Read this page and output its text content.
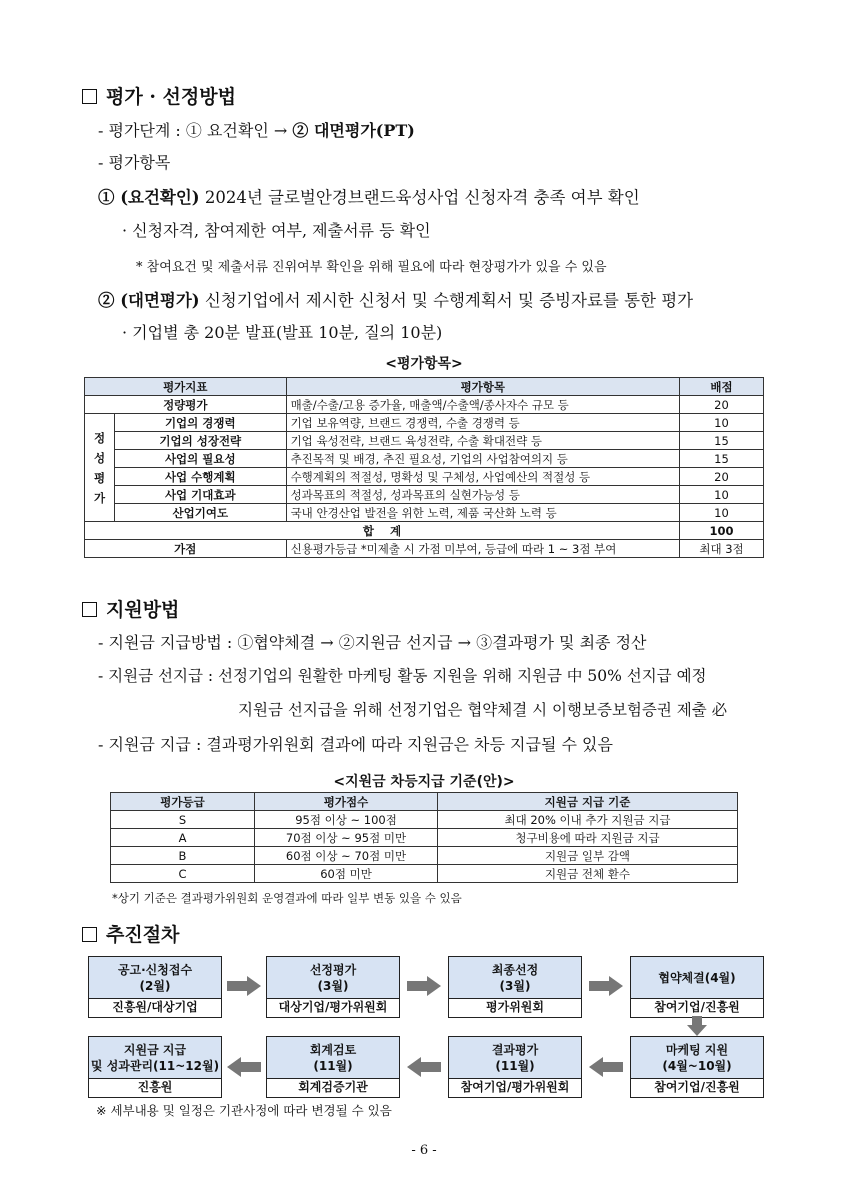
평가 · 선정방법
- 평가단계 : ① 요건확인 → ② 대면평가(PT)
- 평가항목
① (요건확인) 2024년 글로벌안경브랜드육성사업 신청자격 충족 여부 확인
· 신청자격, 참여제한 여부, 제출서류 등 확인
* 참여요건 및 제출서류 진위여부 확인을 위해 필요에 따라 현장평가가 있을 수 있음
② (대면평가) 신청기업에서 제시한 신청서 및 수행계획서 및 증빙자료를 통한 평가
· 기업별 총 20분 발표(발표 10분, 질의 10분)
<평가항목>
평가지표		평가항목	배점
정량평가		매출/수출/고용 증가율, 매출액/수출액/종사자수 규모 등	20
정
성
평
가	기업의 경쟁력	기업 보유역량, 브랜드 경쟁력, 수출 경쟁력 등	10
	기업의 성장전략	기업 육성전략, 브랜드 육성전략, 수출 확대전략 등	15
	사업의 필요성	추진목적 및 배경, 추진 필요성, 기업의 사업참여의지 등	15
	사업 수행계획	수행계획의 적절성, 명확성 및 구체성, 사업예산의 적절성 등	20
	사업 기대효과	성과목표의 적절성, 성과목표의 실현가능성 등	10
	산업기여도	국내 안경산업 발전을 위한 노력, 제품 국산화 노력 등	10
합    계			100
가점		신용평가등급 *미제출 시 가점 미부여, 등급에 따라 1 ~ 3점 부여	최대 3점
지원방법
- 지원금 지급방법 : ①협약체결 → ②지원금 선지급 → ③결과평가 및 최종 정산
- 지원금 선지급 : 선정기업의 원활한 마케팅 활동 지원을 위해 지원금 中 50% 선지급 예정
지원금 선지급을 위해 선정기업은 협약체결 시 이행보증보험증권 제출 必
- 지원금 지급 : 결과평가위원회 결과에 따라 지원금은 차등 지급될 수 있음
<지원금 차등지급 기준(안)>
평가등급	평가점수	지원금 지급 기준
S	95점 이상 ~ 100점	최대 20% 이내 추가 지원금 지급
A	70점 이상 ~ 95점 미만	청구비용에 따라 지원금 지급
B	60점 이상 ~ 70점 미만	지원금 일부 감액
C	60점 미만	지원금 전체 환수
*상기 기준은 결과평가위원회 운영결과에 따라 일부 변동 있을 수 있음
추진절차
공고·신청접수
(2월)
진흥원/대상기업
선정평가
(3월)
대상기업/평가위원회
최종선정
(3월)
평가위원회
협약체결(4월)
참여기업/진흥원
지원금 지급
및 성과관리(11~12월)
진흥원
회계검토
(11월)
회계검증기관
결과평가
(11월)
참여기업/평가위원회
마케팅 지원
(4월~10월)
참여기업/진흥원
※ 세부내용 및 일정은 기관사정에 따라 변경될 수 있음
- 6 -
